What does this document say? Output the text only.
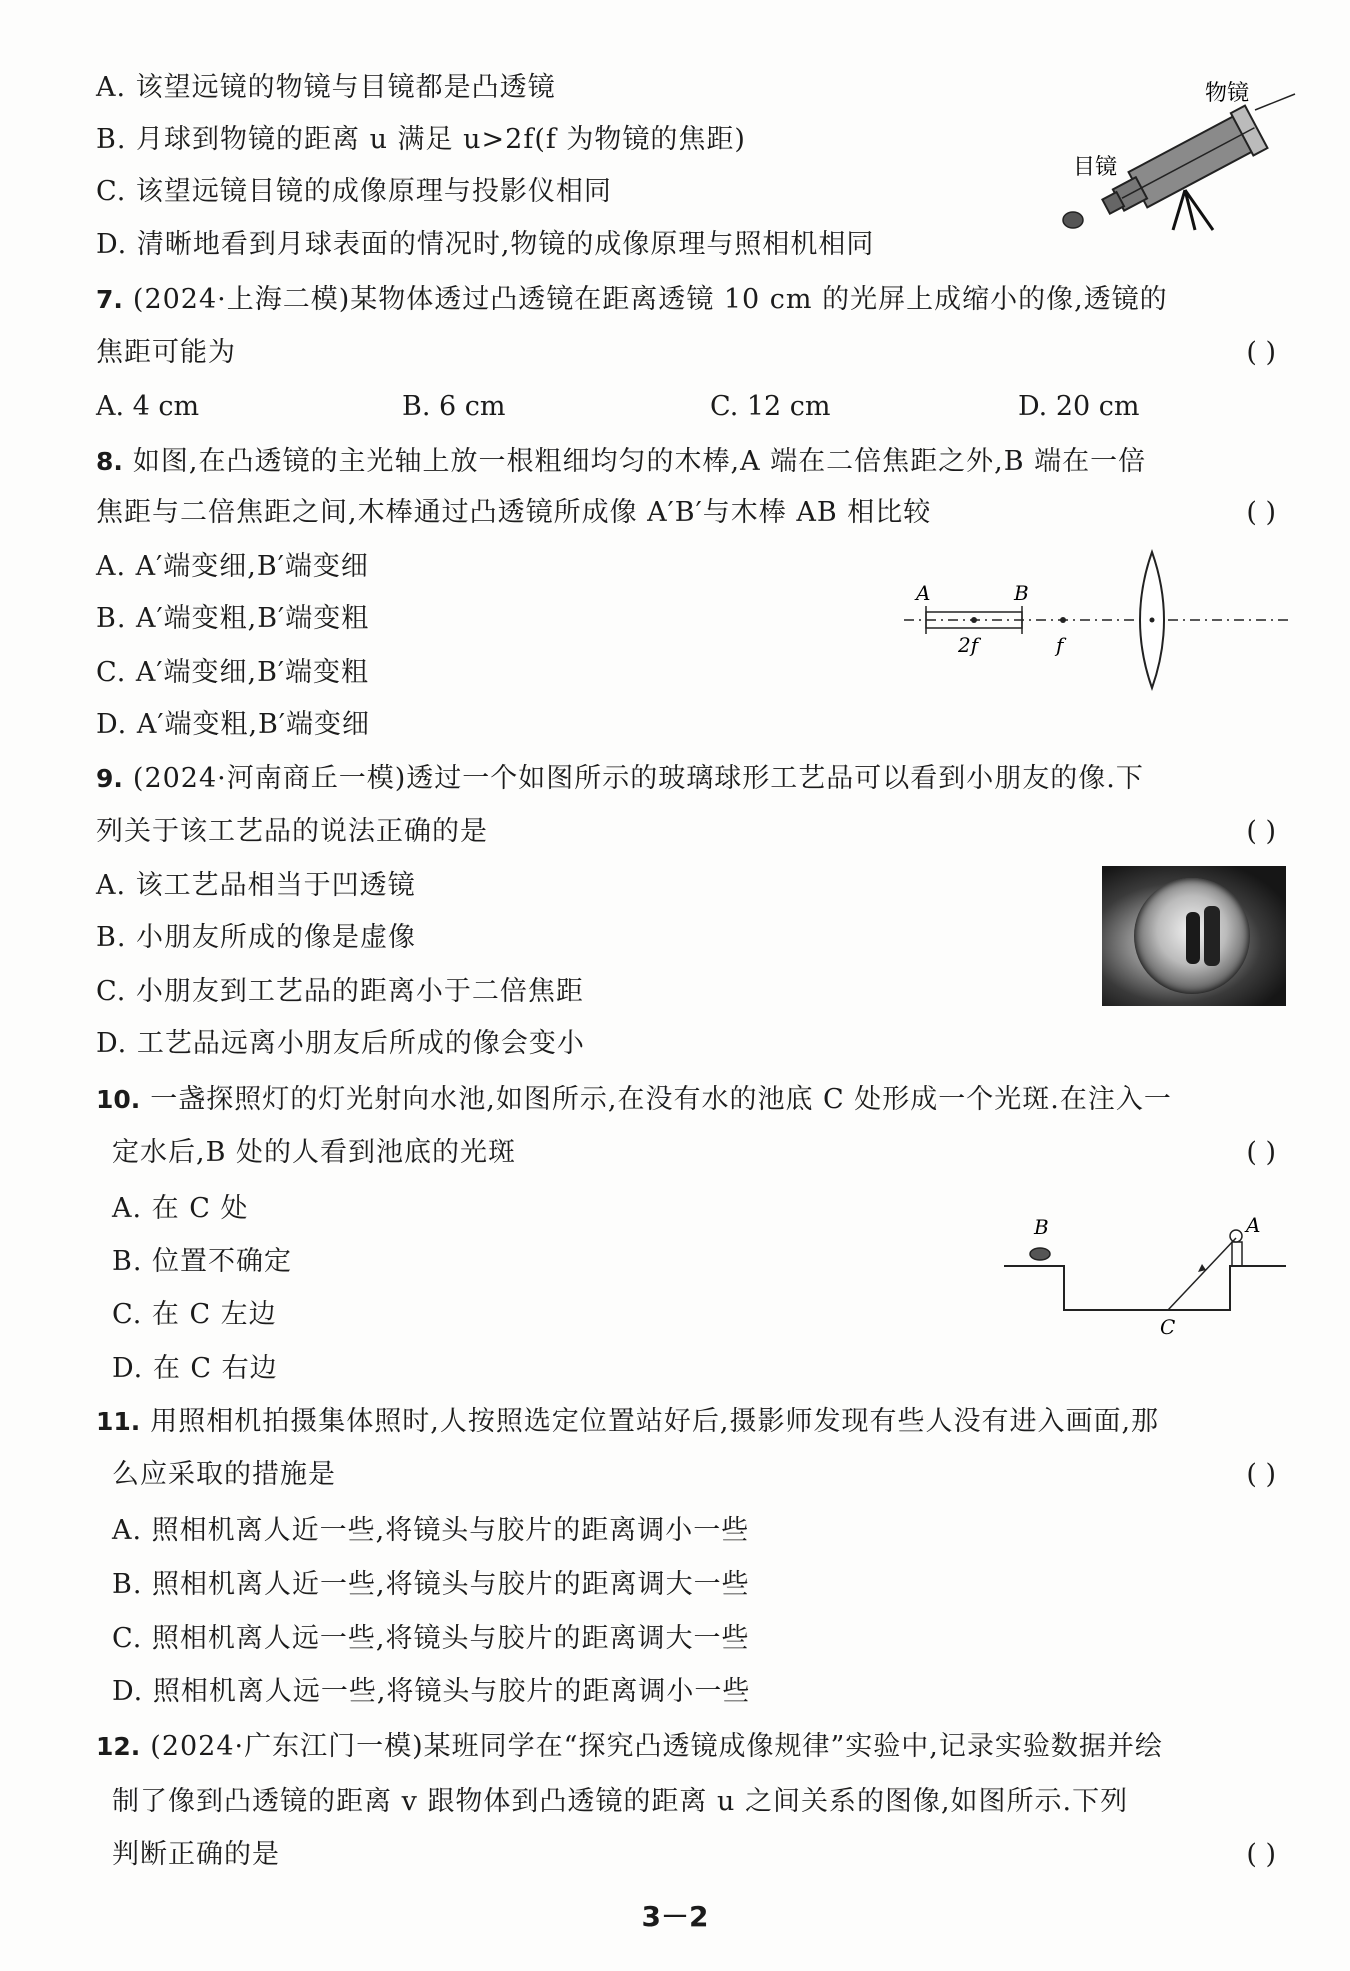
A. 该望远镜的物镜与目镜都是凸透镜
B. 月球到物镜的距离 u 满足 u>2f(f 为物镜的焦距)
C. 该望远镜目镜的成像原理与投影仪相同
D. 清晰地看到月球表面的情况时,物镜的成像原理与照相机相同
物镜
目镜
7. (2024·上海二模)某物体透过凸透镜在距离透镜 10 cm 的光屏上成缩小的像,透镜的
焦距可能为	( )
A. 4 cm	B. 6 cm	C. 12 cm	D. 20 cm
8. 如图,在凸透镜的主光轴上放一根粗细均匀的木棒,A 端在二倍焦距之外,B 端在一倍
焦距与二倍焦距之间,木棒通过凸透镜所成像 A′B′与木棒 AB 相比较	( )
A. A′端变细,B′端变细
B. A′端变粗,B′端变粗
C. A′端变细,B′端变粗
D. A′端变粗,B′端变细
A	B
2f	f
9. (2024·河南商丘一模)透过一个如图所示的玻璃球形工艺品可以看到小朋友的像.下
列关于该工艺品的说法正确的是	( )
A. 该工艺品相当于凹透镜
B. 小朋友所成的像是虚像
C. 小朋友到工艺品的距离小于二倍焦距
D. 工艺品远离小朋友后所成的像会变小
10. 一盏探照灯的灯光射向水池,如图所示,在没有水的池底 C 处形成一个光斑.在注入一
定水后,B 处的人看到池底的光斑	( )
A. 在 C 处
B. 位置不确定
C. 在 C 左边
D. 在 C 右边
B	A
C
11. 用照相机拍摄集体照时,人按照选定位置站好后,摄影师发现有些人没有进入画面,那
么应采取的措施是	( )
A. 照相机离人近一些,将镜头与胶片的距离调小一些
B. 照相机离人近一些,将镜头与胶片的距离调大一些
C. 照相机离人远一些,将镜头与胶片的距离调大一些
D. 照相机离人远一些,将镜头与胶片的距离调小一些
12. (2024·广东江门一模)某班同学在“探究凸透镜成像规律”实验中,记录实验数据并绘
制了像到凸透镜的距离 v 跟物体到凸透镜的距离 u 之间关系的图像,如图所示.下列
判断正确的是	( )
3－2
